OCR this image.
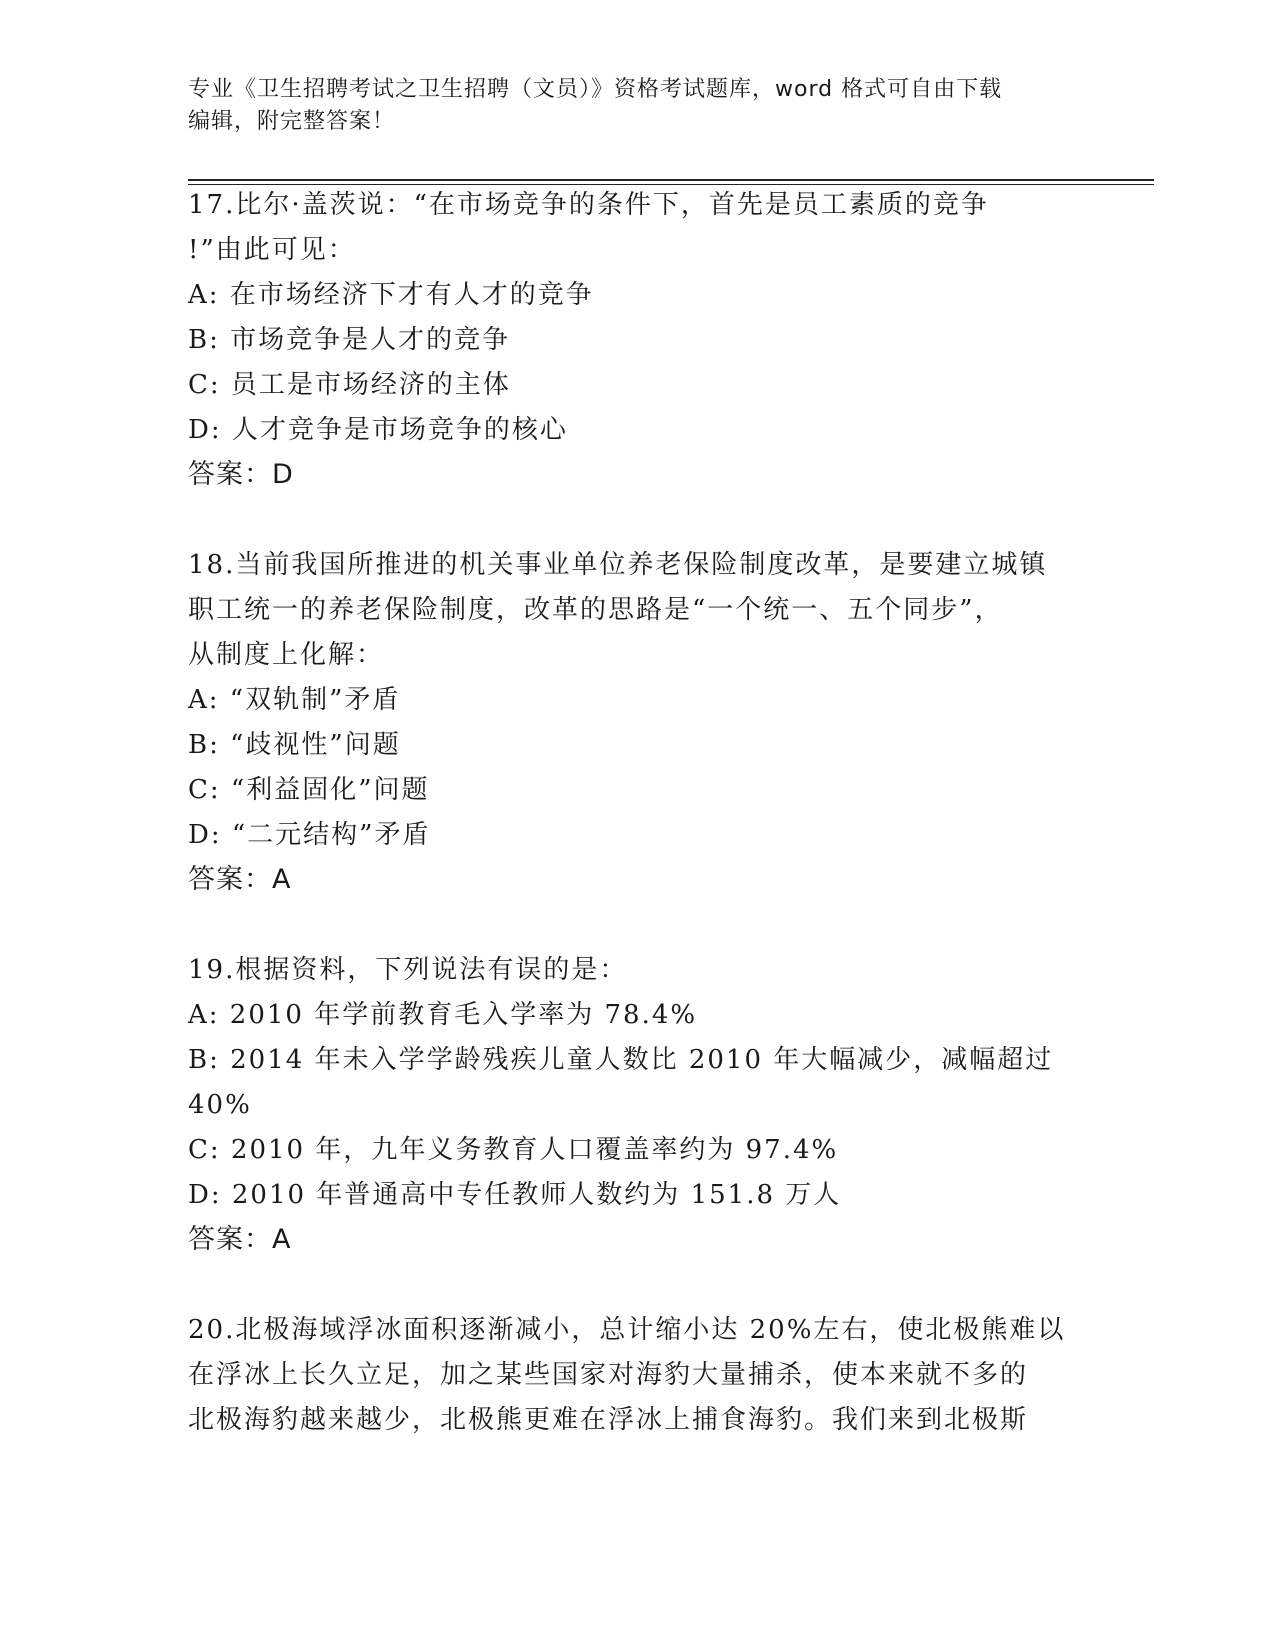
专业《卫生招聘考试之卫生招聘（文员）》资格考试题库，word 格式可自由下载
编辑，附完整答案！
17.比尔·盖茨说：“在市场竞争的条件下，首先是员工素质的竞争
!”由此可见：
A: 在市场经济下才有人才的竞争
B: 市场竞争是人才的竞争
C: 员工是市场经济的主体
D: 人才竞争是市场竞争的核心
答案：D
18.当前我国所推进的机关事业单位养老保险制度改革，是要建立城镇
职工统一的养老保险制度，改革的思路是“一个统一、五个同步”，
从制度上化解：
A: “双轨制”矛盾
B: “歧视性”问题
C: “利益固化”问题
D: “二元结构”矛盾
答案：A
19.根据资料，下列说法有误的是：
A: 2010 年学前教育毛入学率为 78.4%
B: 2014 年未入学学龄残疾儿童人数比 2010 年大幅减少，减幅超过
40%
C: 2010 年，九年义务教育人口覆盖率约为 97.4%
D: 2010 年普通高中专任教师人数约为 151.8 万人
答案：A
20.北极海域浮冰面积逐渐减小，总计缩小达 20%左右，使北极熊难以
在浮冰上长久立足，加之某些国家对海豹大量捕杀，使本来就不多的
北极海豹越来越少，北极熊更难在浮冰上捕食海豹。我们来到北极斯
